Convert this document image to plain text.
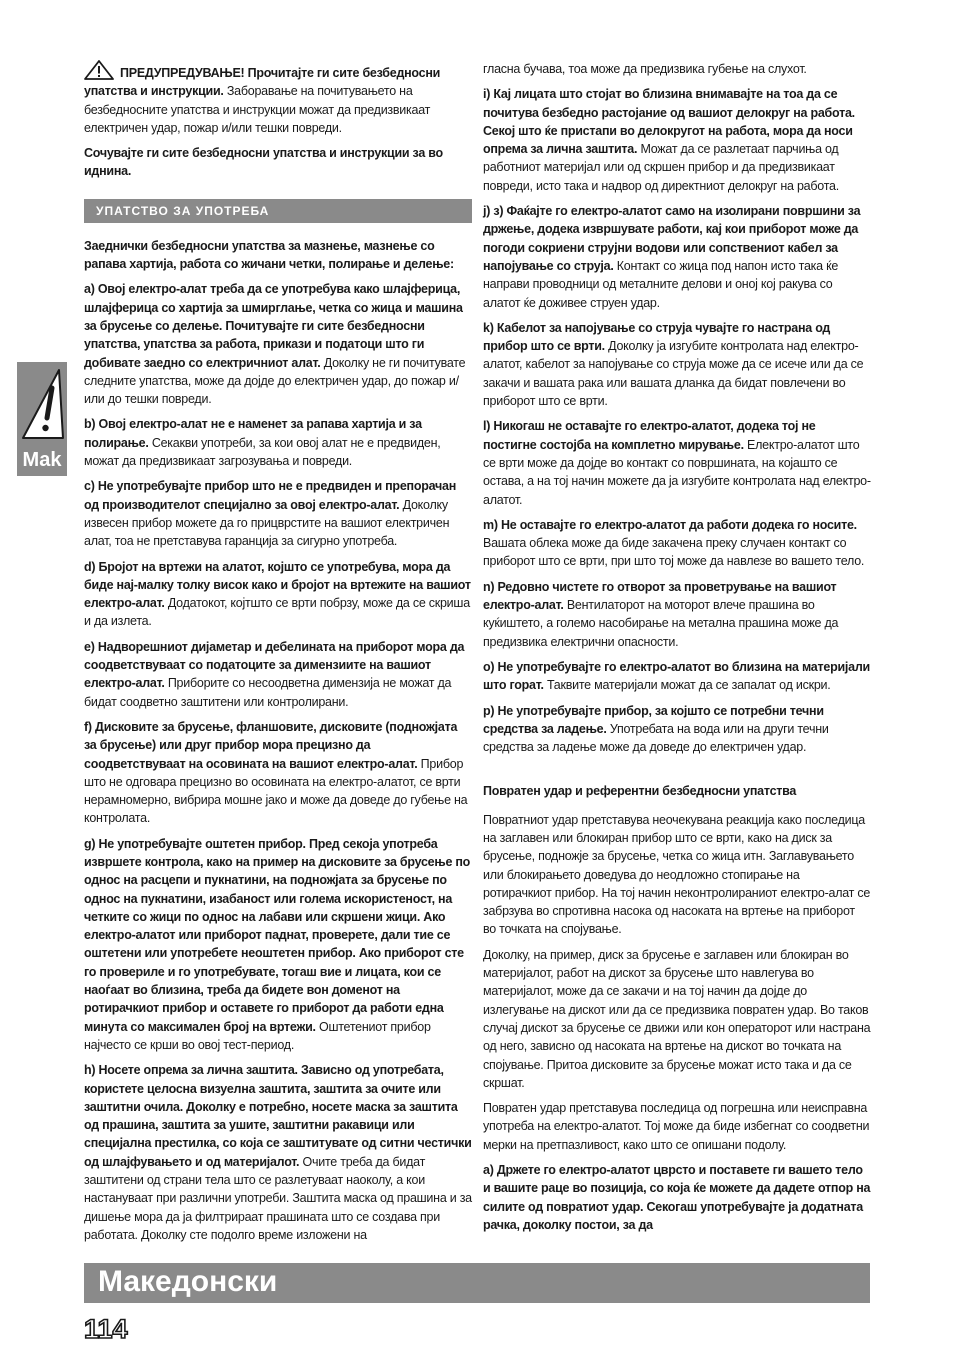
Mak

ПРЕДУПРЕДУВАЊЕ! Прочитајте ги сите безбедносни упатства и инструкции. Заборавање на почитувањето на безбедносните упатства и инструкции можат да предизвикаат електричен удар, пожар и/или тешки повреди.

Сочувајте ги сите безбедносни упатства и инструкции за во иднина.

УПАТСТВО ЗА УПОТРЕБА

Заеднички безбедносни упатства за мазнење, мазнење со рапава хартија, работа со жичани четки, полирање и делење:

a) Овој електро-алат треба да се употребува како шлајферица, шлајферица со хартија за шмирглање, четка со жица и машина за брусење со делење. Почитувајте ги сите безбедносни упатства, упатства за работа, прикази и податоци што ги добивате заедно со електричниот алат. Доколку не ги почитувате следните упатства, може да дојде до електричен удар, до пожар и/или до тешки повреди.

b) Овој електро-алат не е наменет за рапава хартија и за полирање. Секакви употреби, за кои овој алат не е предвиден, можат да предизвикаат загрозувања и повреди.

c) Не употребувајте прибор што не е предвиден и препорачан од производителот специјално за овој електро-алат. Доколку извесен прибор можете да го прицврстите на вашиот електричен алат, тоа не претставува гаранција за сигурно употреба.

d) Бројот на вртежи на алатот, којшто се употребува, мора да биде нај-малку толку висок како и бројот на вртежите на вашиот електро-алат. Додатокот, којтшто се врти побрзу, може да се скриша и да излета.

e) Надворешниот дијаметар и дебелината на приборот мора да соодветствуваат со податоците за димензиите на вашиот електро-алат. Приборите со несоодветна димензија не можат да бидат соодветно заштитени или контролирани.

f) Дисковите за брусење, фланшовите, дисковите (подножјата за брусење) или друг прибор мора прецизно да соодветствуваат на осовината на вашиот електро-алат. Прибор што не одговара прецизно во осовината на електро-алатот, се врти нерамномерно, вибрира мошне јако и може да доведе до губење на контролата.

g) Не употребувајте оштетен прибор. Пред секоја употреба извршете контрола, како на пример на дисковите за брусење по однос на расцепи и пукнатини, на подножјата за брусење по однос на пукнатини, изабаност или голема искористеност, на четките со жици по однос на лабави или скршени жици. Ако електро-алатот или приборот паднат, проверете, дали тие се оштетени или употребете неоштетен прибор. Ако приборот сте го провериле и го употребувате, тогаш вие и лицата, кои се наоѓаат во близина, треба да бидете вон доменот на ротирачкиот прибор и оставете го приборот да работи една минута со максимален број на вртежи. Оштетениот прибор најчесто се крши во овој тест-период.

h) Носете опрема за лична заштита. Зависно од употребата, користете целосна визуелна заштита, заштита за очите или заштитни очила. Доколку е потребно, носете маска за заштита од прашина, заштита за ушите, заштитни ракавици или специјална престилка, со која се заштитувате од ситни честички од шлајфувањето и од материјалот. Очите треба да бидат заштитени од страни тела што се разлетуваат наоколу, а кои настануваат при различни употреби. Заштита маска од прашина и за дишење мора да ја филтрираат прашината што се создава при работата. Доколку сте подолго време изложени на

гласна бучава, тоа може да предизвика губење на слухот.

i) Кај лицата што стојат во близина внимавајте на тоа да се почитува безбедно растојание од вашиот делокруг на работа. Секој што ќе пристапи во делокругот на работа, мора да носи опрема за лична заштита. Можат да се разлетаат парчиња од работниот материјал или од скршен прибор и да предизвикаат повреди, исто така и надвор од директниот делокруг на работа.

j) з) Фаќајте го електро-алатот само на изолирани површини за држење, додека извршувате работи, кај кои приборот може да погоди сокриени струјни водови или сопствениот кабел за напојување со струја. Контакт со жица под напон исто така ќе направи проводници од металните делови и оној кој ракува со алатот ќе доживее струен удар.

k) Кабелот за напојување со струја чувајте го настрана од прибор што се врти. Доколку ја изгубите контролата над електро-алатот, кабелот за напојување со струја може да се исече или да се закачи и вашата рака или вашата дланка да бидат повлечени во приборот што се врти.

l) Никогаш не оставајте го електро-алатот, додека тој не постигне состојба на комплетно мирување. Електро-алатот што се врти може да дојде во контакт со површината, на којашто се остава, а на тој начин можете да ја изгубите контролата над електро-алатот.

m) Не оставајте го електро-алатот да работи додека го носите. Вашата облека може да биде закачена преку случаен контакт со приборот што се врти, при што тој може да навлезе во вашето тело.

n) Редовно чистете го отворот за проветрување на вашиот електро-алат. Вентилаторот на моторот влече прашина во куќиштето, а големо насобирање на метална прашина може да предизвика електрични опасности.

o) Не употребувајте го електро-алатот во близина на материјали што горат. Таквите материјали можат да се запалат од искри.

p) Не употребувајте прибор, за којшто се потребни течни средства за ладење. Употребата на вода или на други течни средства за ладење може да доведе до електричен удар.

Повратен удар и референтни безбедносни упатства

Повратниот удар претставува неочекувана реакција како последица на заглавен или блокиран прибор што се врти, како на диск за брусење, подножје за брусење, четка со жица итн. Заглавувањето или блокирањето доведува до неодложно стопирање на ротирачкиот прибор. На тој начин неконтролираниот електро-алат се забрзува во спротивна насока од насоката на вртење на приборот во точката на спојување.

Доколку, на пример, диск за брусење е заглавен или блокиран во материјалот, работ на дискот за брусење што навлегува во материјалот, може да се закачи и на тој начин да дојде до излегување на дискот или да се предизвика повратен удар. Во таков случај дискот за брусење се движи или кон операторот или настрана од него, зависно од насоката на вртење на дискот во точката на спојување. Притоа дисковите за брусење можат исто така и да се скршат.

Повратен удар претставува последица од погрешна или неисправна употреба на електро-алатот. Тој може да биде избегнат со соодветни мерки на претпазливост, како што се опишани подолу.

a) Држете го електро-алатот цврсто и поставете ги вашето тело и вашите раце во позиција, со која ќе можете да дадете отпор на силите од повратиот удар. Секогаш употребувајте ја додатната рачка, доколку постои, за да

Македонски
114
